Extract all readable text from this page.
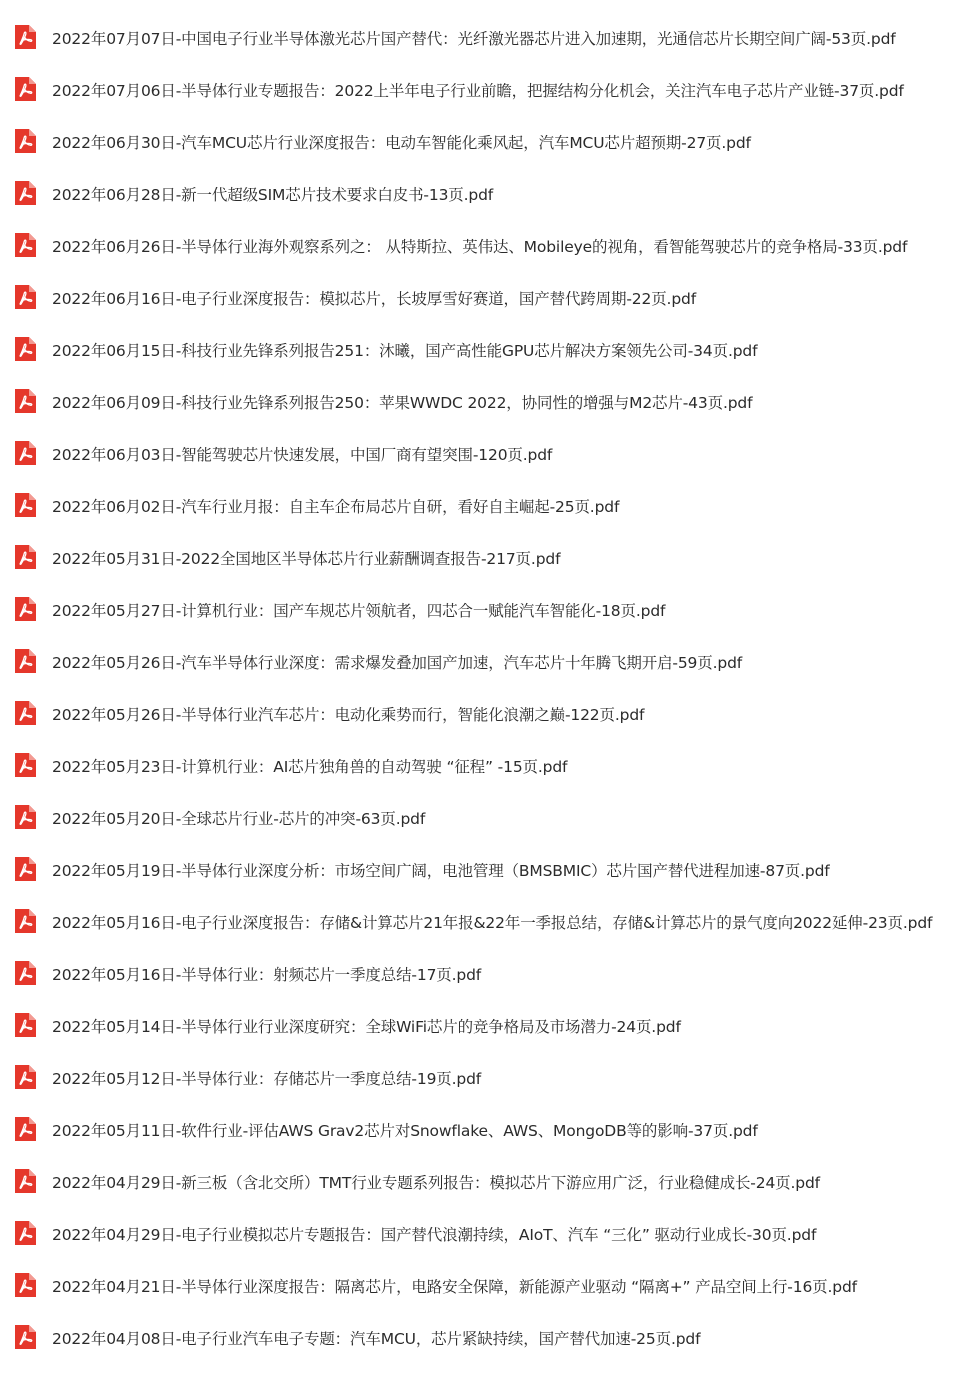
2022年07月07日-中国电子行业半导体激光芯片国产替代：光纤激光器芯片进入加速期，光通信芯片长期空间广阔-53页.pdf
2022年07月06日-半导体行业专题报告：2022上半年电子行业前瞻，把握结构分化机会，关注汽车电子芯片产业链-37页.pdf
2022年06月30日-汽车MCU芯片行业深度报告：电动车智能化乘风起，汽车MCU芯片超预期-27页.pdf
2022年06月28日-新一代超级SIM芯片技术要求白皮书-13页.pdf
2022年06月26日-半导体行业海外观察系列之： 从特斯拉、英伟达、Mobileye的视角，看智能驾驶芯片的竞争格局-33页.pdf
2022年06月16日-电子行业深度报告：模拟芯片，长坡厚雪好赛道，国产替代跨周期-22页.pdf
2022年06月15日-科技行业先锋系列报告251：沐曦，国产高性能GPU芯片解决方案领先公司-34页.pdf
2022年06月09日-科技行业先锋系列报告250：苹果WWDC 2022，协同性的增强与M2芯片-43页.pdf
2022年06月03日-智能驾驶芯片快速发展，中国厂商有望突围-120页.pdf
2022年06月02日-汽车行业月报：自主车企布局芯片自研，看好自主崛起-25页.pdf
2022年05月31日-2022全国地区半导体芯片行业薪酬调查报告-217页.pdf
2022年05月27日-计算机行业：国产车规芯片领航者，四芯合一赋能汽车智能化-18页.pdf
2022年05月26日-汽车半导体行业深度：需求爆发叠加国产加速，汽车芯片十年腾飞期开启-59页.pdf
2022年05月26日-半导体行业汽车芯片：电动化乘势而行，智能化浪潮之巅-122页.pdf
2022年05月23日-计算机行业：AI芯片独角兽的自动驾驶 “征程” -15页.pdf
2022年05月20日-全球芯片行业-芯片的冲突-63页.pdf
2022年05月19日-半导体行业深度分析：市场空间广阔，电池管理（BMSBMIC）芯片国产替代进程加速-87页.pdf
2022年05月16日-电子行业深度报告：存储&计算芯片21年报&22年一季报总结，存储&计算芯片的景气度向2022延伸-23页.pdf
2022年05月16日-半导体行业：射频芯片一季度总结-17页.pdf
2022年05月14日-半导体行业行业深度研究：全球WiFi芯片的竞争格局及市场潜力-24页.pdf
2022年05月12日-半导体行业：存储芯片一季度总结-19页.pdf
2022年05月11日-软件行业-评估AWS Grav2芯片对Snowflake、AWS、MongoDB等的影响-37页.pdf
2022年04月29日-新三板（含北交所）TMT行业专题系列报告：模拟芯片下游应用广泛，行业稳健成长-24页.pdf
2022年04月29日-电子行业模拟芯片专题报告：国产替代浪潮持续，AIoT、汽车 “三化” 驱动行业成长-30页.pdf
2022年04月21日-半导体行业深度报告：隔离芯片，电路安全保障，新能源产业驱动 “隔离+” 产品空间上行-16页.pdf
2022年04月08日-电子行业汽车电子专题：汽车MCU，芯片紧缺持续，国产替代加速-25页.pdf
